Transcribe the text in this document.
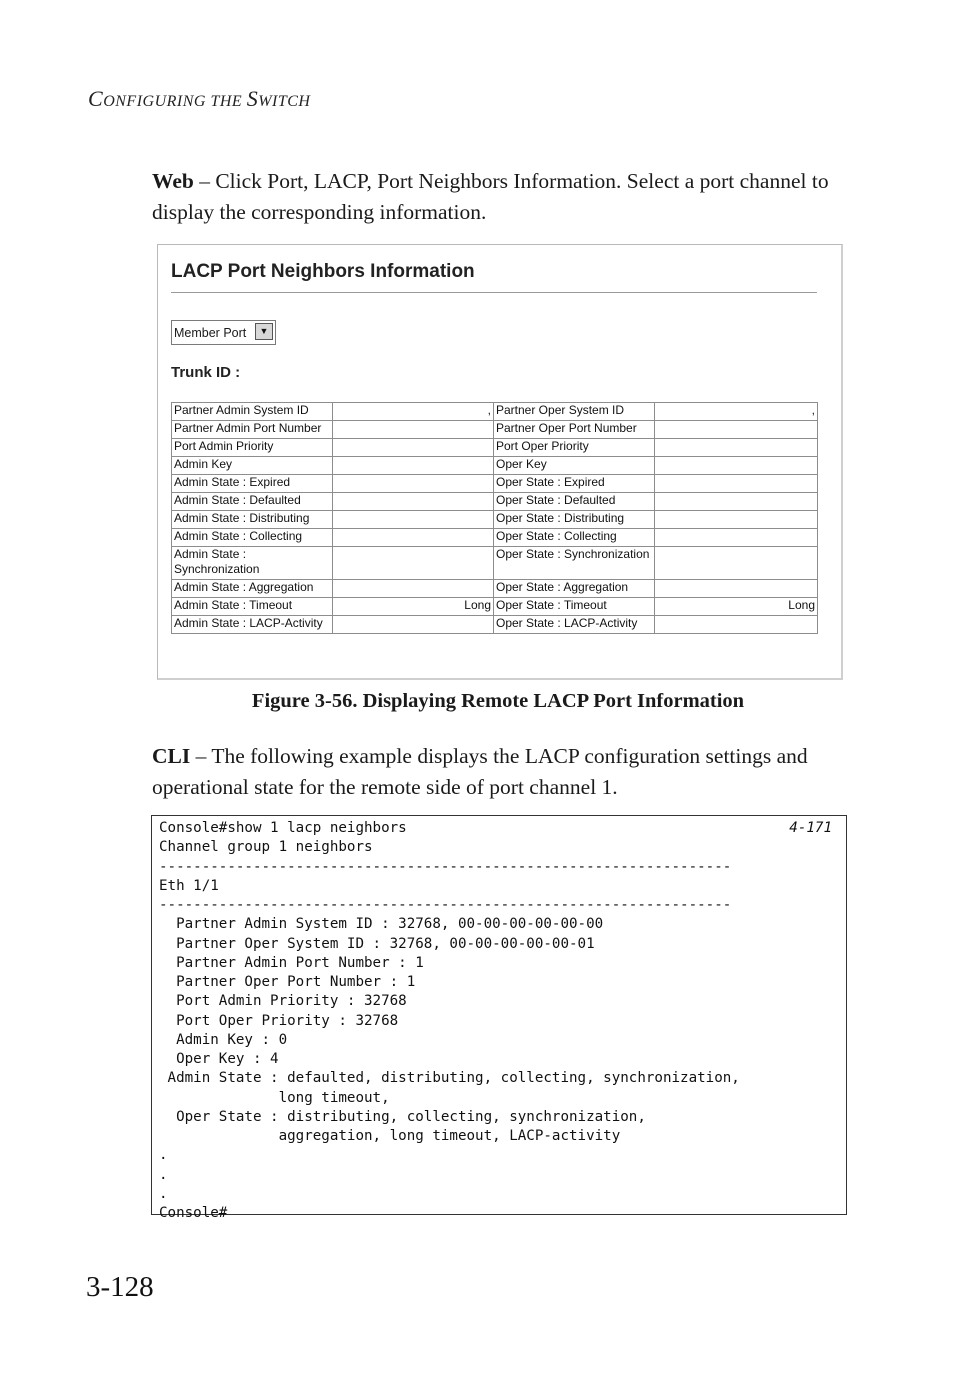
CONFIGURING THE SWITCH
Web – Click Port, LACP, Port Neighbors Information. Select a port channel to display the corresponding information.
LACP Port Neighbors Information
Member Port	▼
Trunk ID :
Partner Admin System ID	,	Partner Oper System ID	,
Partner Admin Port Number		Partner Oper Port Number	
Port Admin Priority		Port Oper Priority	
Admin Key		Oper Key	
Admin State : Expired		Oper State : Expired	
Admin State : Defaulted		Oper State : Defaulted	
Admin State : Distributing		Oper State : Distributing	
Admin State : Collecting		Oper State : Collecting	
Admin State : Synchronization		Oper State : Synchronization	
Admin State : Aggregation		Oper State : Aggregation	
Admin State : Timeout	Long	Oper State : Timeout	Long
Admin State : LACP-Activity		Oper State : LACP-Activity	
Figure 3-56. Displaying Remote LACP Port Information
CLI – The following example displays the LACP configuration settings and operational state for the remote side of port channel 1.
4-171
Console#show 1 lacp neighbors
Channel group 1 neighbors
-------------------------------------------------------------------
Eth 1/1
-------------------------------------------------------------------
Partner Admin System ID : 32768, 00-00-00-00-00-00
Partner Oper System ID : 32768, 00-00-00-00-00-01
Partner Admin Port Number : 1
Partner Oper Port Number : 1
Port Admin Priority : 32768
Port Oper Priority : 32768
Admin Key : 0
Oper Key : 4
Admin State : defaulted, distributing, collecting, synchronization,
long timeout,
Oper State : distributing, collecting, synchronization,
aggregation, long timeout, LACP-activity
.
.
.
Console#
3-128
